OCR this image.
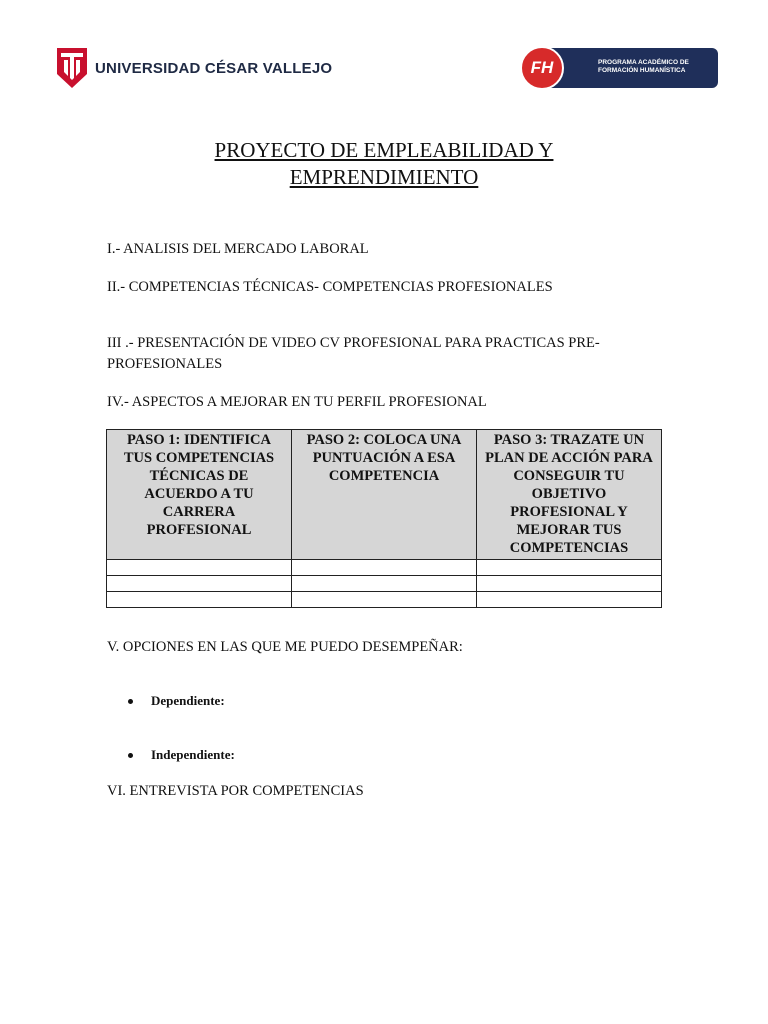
UNIVERSIDAD CÉSAR VALLEJO	FH	PROGRAMA ACADÉMICO DE
FORMACIÓN HUMANÍSTICA
PROYECTO DE EMPLEABILIDAD Y
EMPRENDIMIENTO
I.- ANALISIS DEL MERCADO LABORAL
II.- COMPETENCIAS TÉCNICAS- COMPETENCIAS PROFESIONALES
III .- PRESENTACIÓN DE VIDEO CV PROFESIONAL PARA PRACTICAS PRE-
PROFESIONALES
IV.- ASPECTOS A MEJORAR EN TU PERFIL PROFESIONAL
PASO 1: IDENTIFICA TUS COMPETENCIAS TÉCNICAS DE ACUERDO A TU CARRERA PROFESIONAL	PASO 2: COLOCA UNA PUNTUACIÓN A ESA COMPETENCIA	PASO 3: TRAZATE UN PLAN DE ACCIÓN PARA CONSEGUIR TU OBJETIVO PROFESIONAL Y MEJORAR TUS COMPETENCIAS

V. OPCIONES EN LAS QUE ME PUEDO DESEMPEÑAR:
Dependiente:
Independiente:
VI. ENTREVISTA POR COMPETENCIAS
